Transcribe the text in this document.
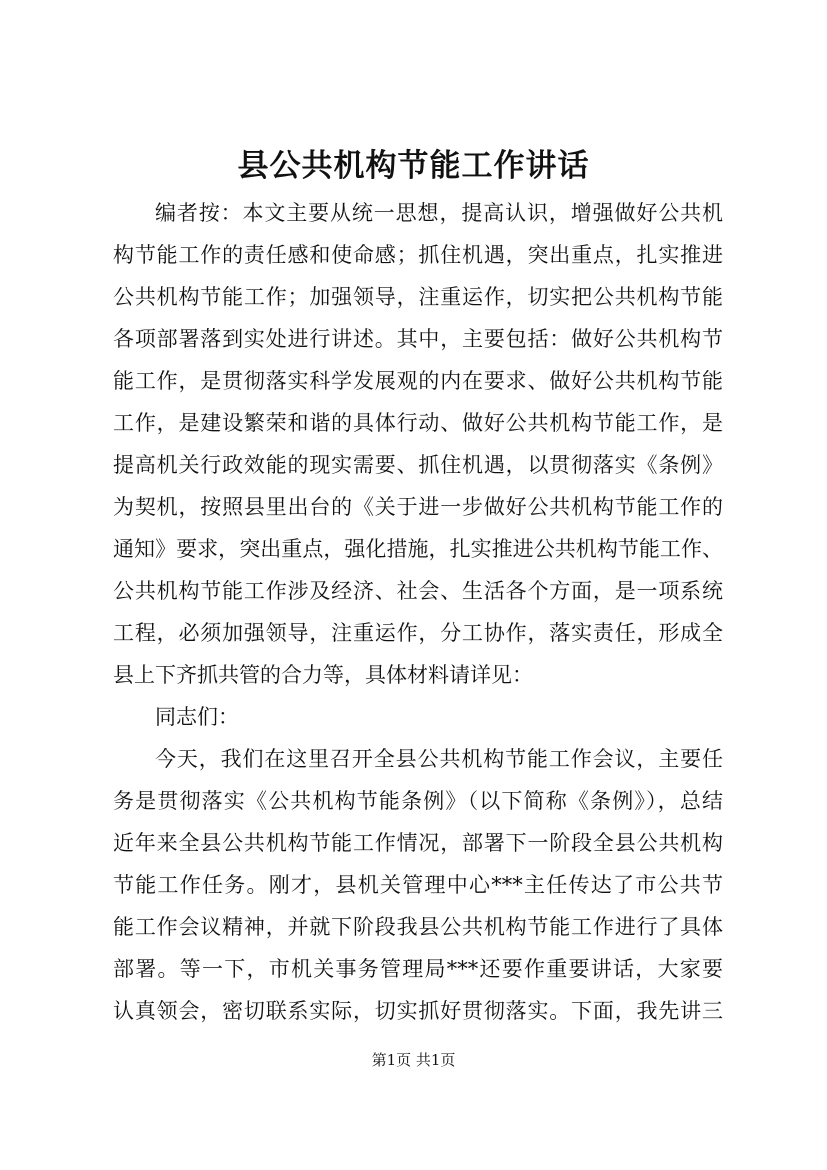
县公共机构节能工作讲话
编者按：本文主要从统一思想，提高认识，增强做好公共机
构节能工作的责任感和使命感；抓住机遇，突出重点，扎实推进
公共机构节能工作；加强领导，注重运作，切实把公共机构节能
各项部署落到实处进行讲述。其中，主要包括：做好公共机构节
能工作，是贯彻落实科学发展观的内在要求、做好公共机构节能
工作，是建设繁荣和谐的具体行动、做好公共机构节能工作，是
提高机关行政效能的现实需要、抓住机遇，以贯彻落实《条例》
为契机，按照县里出台的《关于进一步做好公共机构节能工作的
通知》要求，突出重点，强化措施，扎实推进公共机构节能工作、
公共机构节能工作涉及经济、社会、生活各个方面，是一项系统
工程，必须加强领导，注重运作，分工协作，落实责任，形成全
县上下齐抓共管的合力等，具体材料请详见：
同志们：
今天，我们在这里召开全县公共机构节能工作会议，主要任
务是贯彻落实《公共机构节能条例》（以下简称《条例》），总结
近年来全县公共机构节能工作情况，部署下一阶段全县公共机构
节能工作任务。刚才，县机关管理中心***主任传达了市公共节
能工作会议精神，并就下阶段我县公共机构节能工作进行了具体
部署。等一下，市机关事务管理局***还要作重要讲话，大家要
认真领会，密切联系实际，切实抓好贯彻落实。下面，我先讲三
第1页 共1页
